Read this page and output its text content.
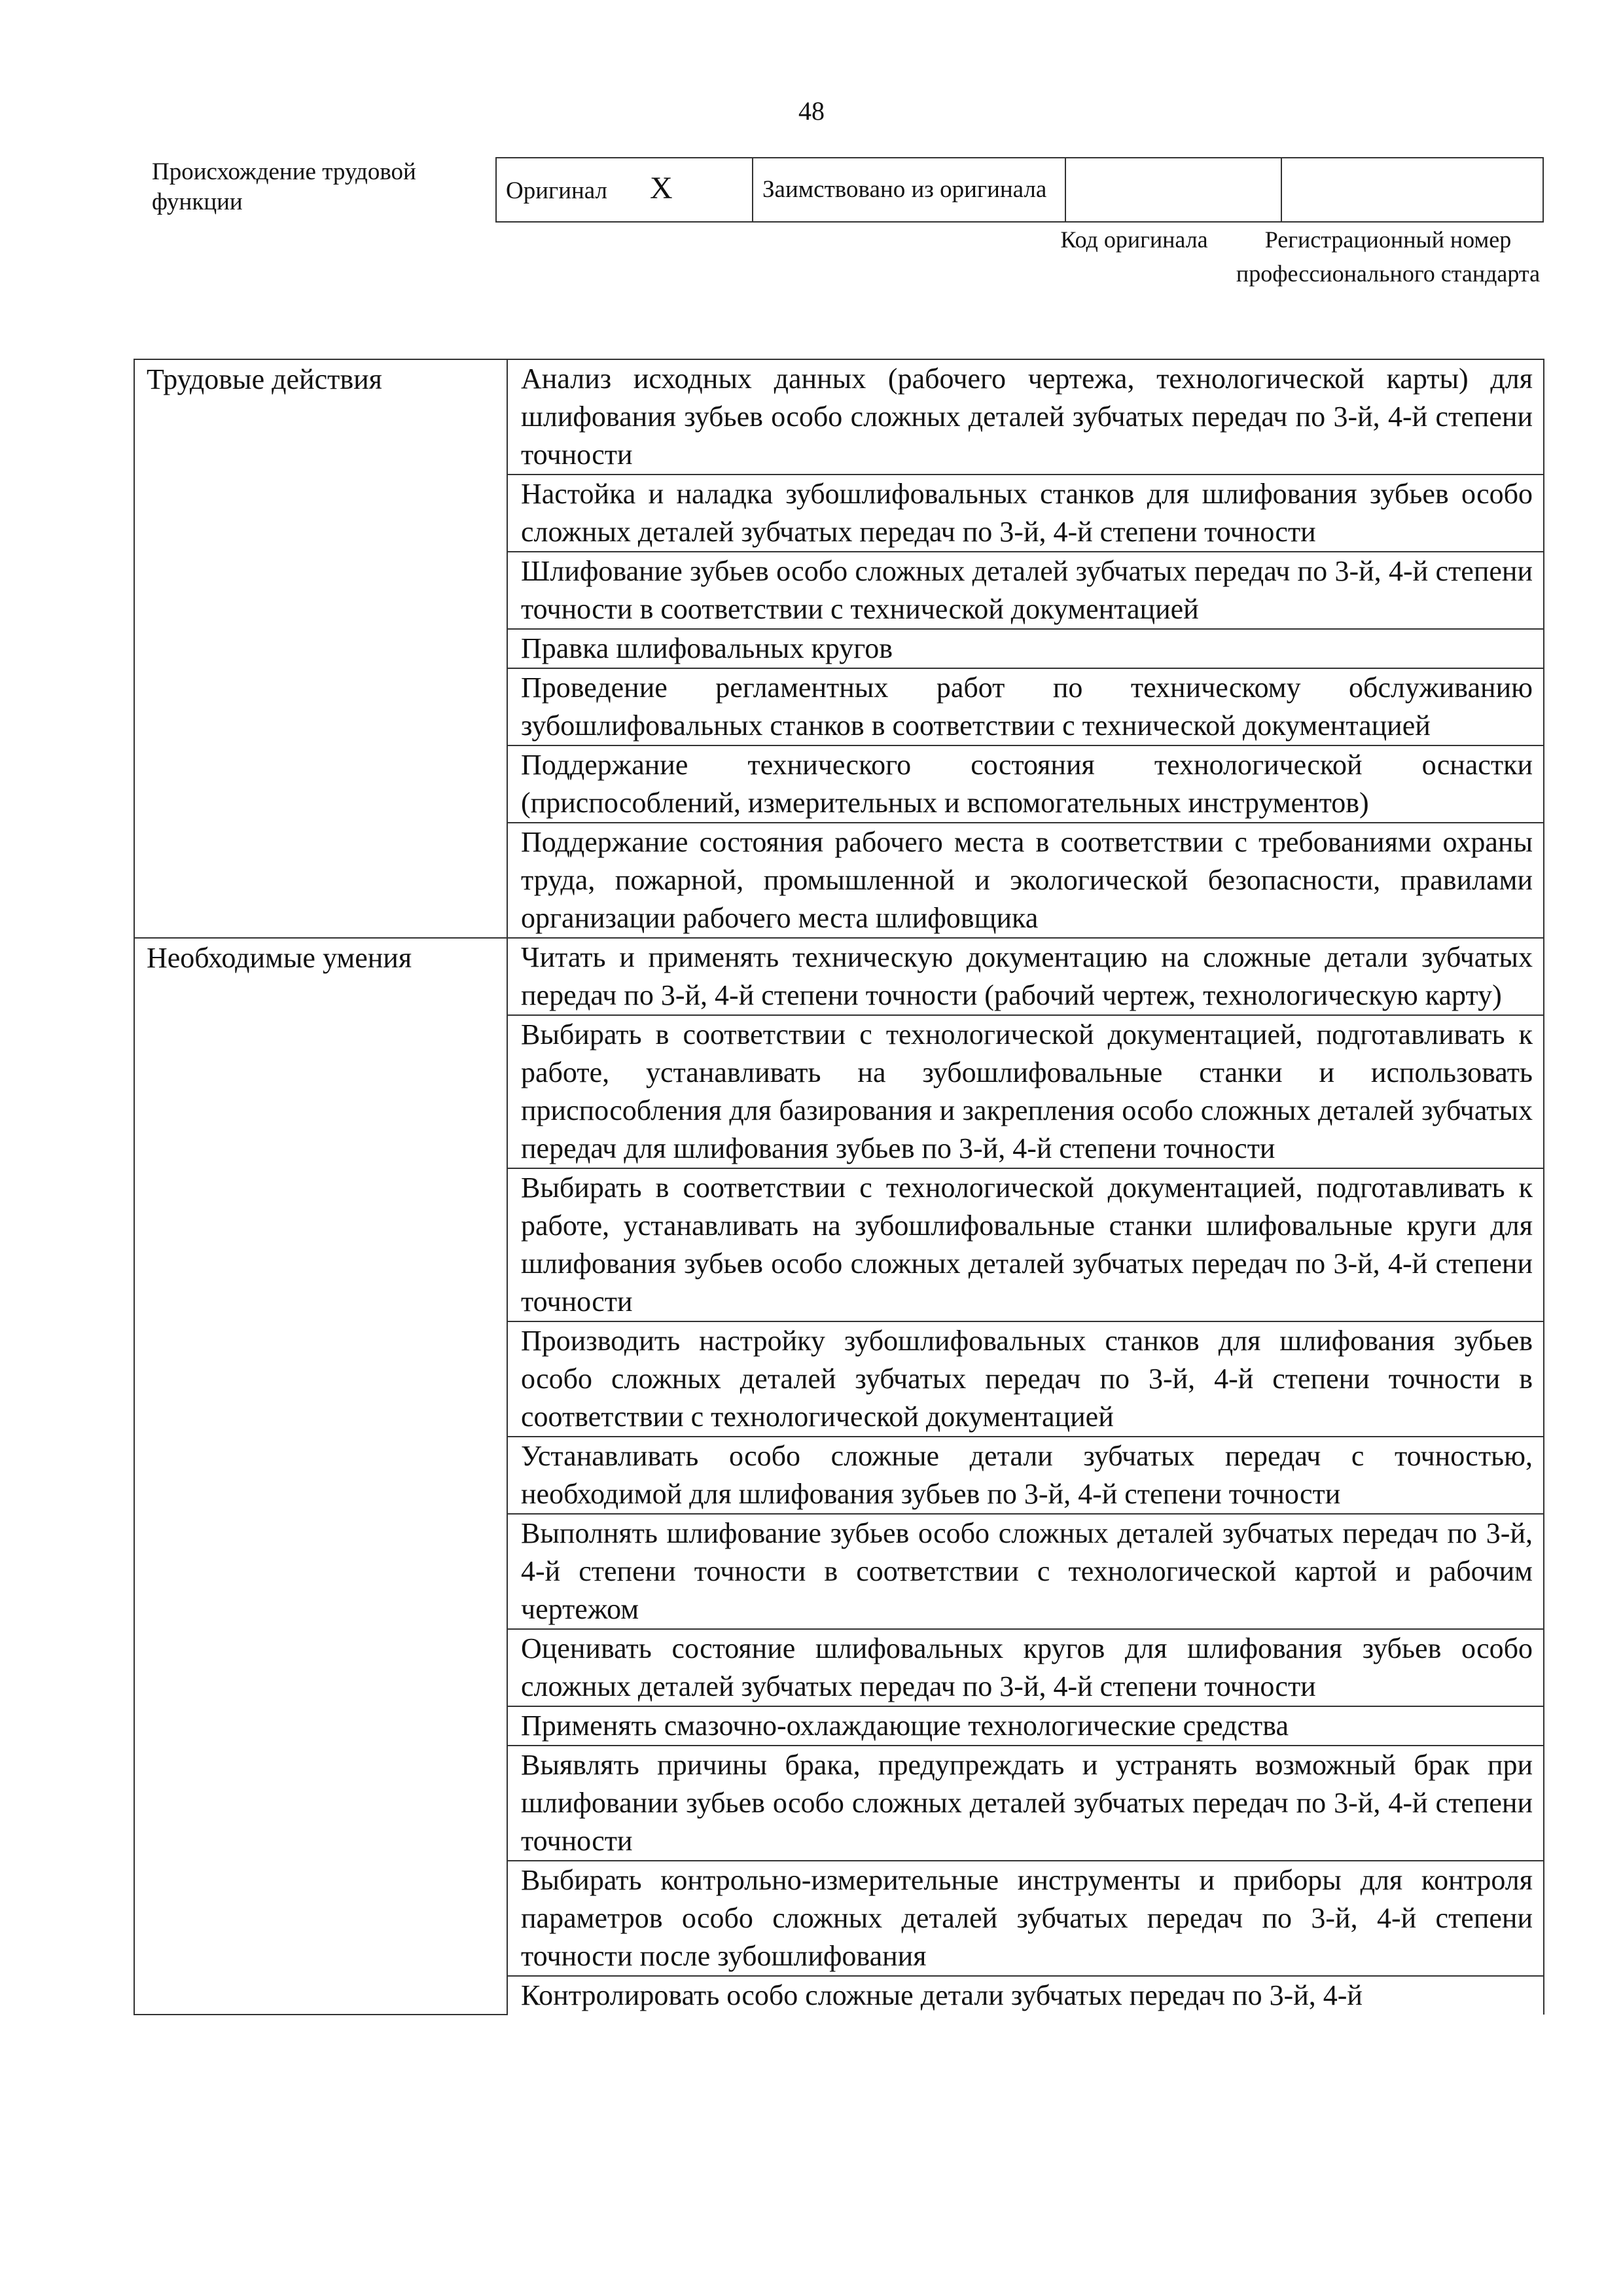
48
Происхождение трудовой функции	Оригинал X	Заимствовано из оригинала		
Код оригинала	Регистрационный номер профессионального стандарта
Трудовые действия	Анализ исходных данных (рабочего чертежа, технологической карты) для шлифования зубьев особо сложных деталей зубчатых передач по 3-й, 4-й степени точности
	Настойка и наладка зубошлифовальных станков для шлифования зубьев особо сложных деталей зубчатых передач по 3-й, 4-й степени точности
	Шлифование зубьев особо сложных деталей зубчатых передач по 3-й, 4-й степени точности в соответствии с технической документацией
	Правка шлифовальных кругов
	Проведение регламентных работ по техническому обслуживанию зубошлифовальных станков в соответствии с технической документацией
	Поддержание технического состояния технологической оснастки (приспособлений, измерительных и вспомогательных инструментов)
	Поддержание состояния рабочего места в соответствии с требованиями охраны труда, пожарной, промышленной и экологической безопасности, правилами организации рабочего места шлифовщика
Необходимые умения	Читать и применять техническую документацию на сложные детали зубчатых передач по 3-й, 4-й степени точности (рабочий чертеж, технологическую карту)
	Выбирать в соответствии с технологической документацией, подготавливать к работе, устанавливать на зубошлифовальные станки и использовать приспособления для базирования и закрепления особо сложных деталей зубчатых передач для шлифования зубьев по 3-й, 4-й степени точности
	Выбирать в соответствии с технологической документацией, подготавливать к работе, устанавливать на зубошлифовальные станки шлифовальные круги для шлифования зубьев особо сложных деталей зубчатых передач по 3-й, 4-й степени точности
	Производить настройку зубошлифовальных станков для шлифования зубьев особо сложных деталей зубчатых передач по 3-й, 4-й степени точности в соответствии с технологической документацией
	Устанавливать особо сложные детали зубчатых передач с точностью, необходимой для шлифования зубьев по 3-й, 4-й степени точности
	Выполнять шлифование зубьев особо сложных деталей зубчатых передач по 3-й, 4-й степени точности в соответствии с технологической картой и рабочим чертежом
	Оценивать состояние шлифовальных кругов для шлифования зубьев особо сложных деталей зубчатых передач по 3-й, 4-й степени точности
	Применять смазочно-охлаждающие технологические средства
	Выявлять причины брака, предупреждать и устранять возможный брак при шлифовании зубьев особо сложных деталей зубчатых передач по 3-й, 4-й степени точности
	Выбирать контрольно-измерительные инструменты и приборы для контроля параметров особо сложных деталей зубчатых передач по 3-й, 4-й степени точности после зубошлифования
	Контролировать особо сложные детали зубчатых передач по 3-й, 4-й
